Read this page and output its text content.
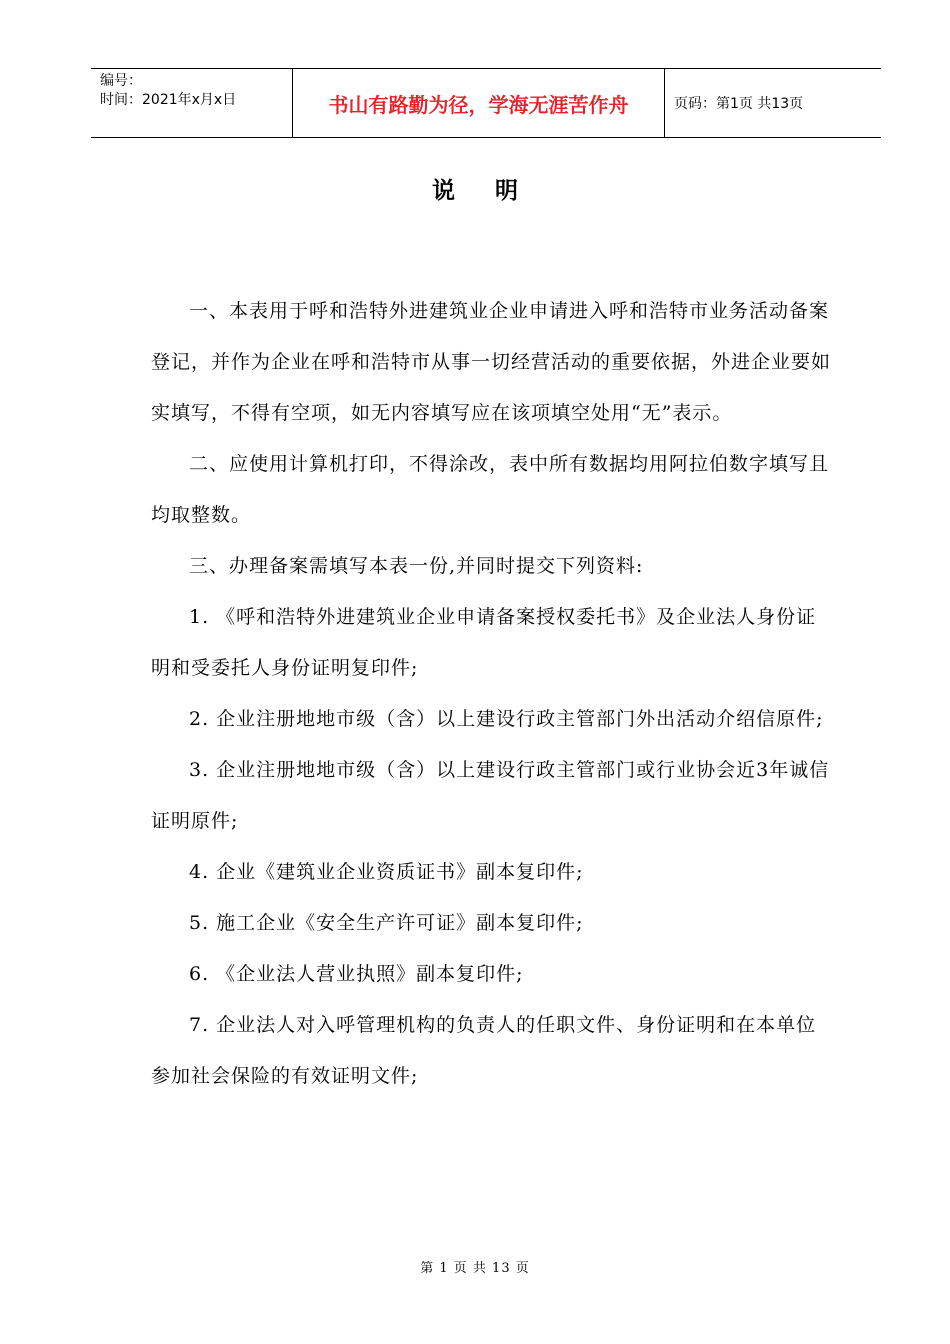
编号：
时间：2021年x月x日	书山有路勤为径，学海无涯苦作舟	页码：第1页 共13页
说明

一、本表用于呼和浩特外进建筑业企业申请进入呼和浩特市业务活动备案登记，并作为企业在呼和浩特市从事一切经营活动的重要依据，外进企业要如实填写，不得有空项，如无内容填写应在该项填空处用“无”表示。

二、应使用计算机打印，不得涂改，表中所有数据均用阿拉伯数字填写且均取整数。

三、办理备案需填写本表一份,并同时提交下列资料:

1. 《呼和浩特外进建筑业企业申请备案授权委托书》及企业法人身份证明和受委托人身份证明复印件;

2. 企业注册地地市级（含）以上建设行政主管部门外出活动介绍信原件;

3. 企业注册地地市级（含）以上建设行政主管部门或行业协会近3年诚信证明原件;

4. 企业《建筑业企业资质证书》副本复印件;

5. 施工企业《安全生产许可证》副本复印件;

6. 《企业法人营业执照》副本复印件;

7. 企业法人对入呼管理机构的负责人的任职文件、身份证明和在本单位参加社会保险的有效证明文件;

第 1 页 共 13 页
